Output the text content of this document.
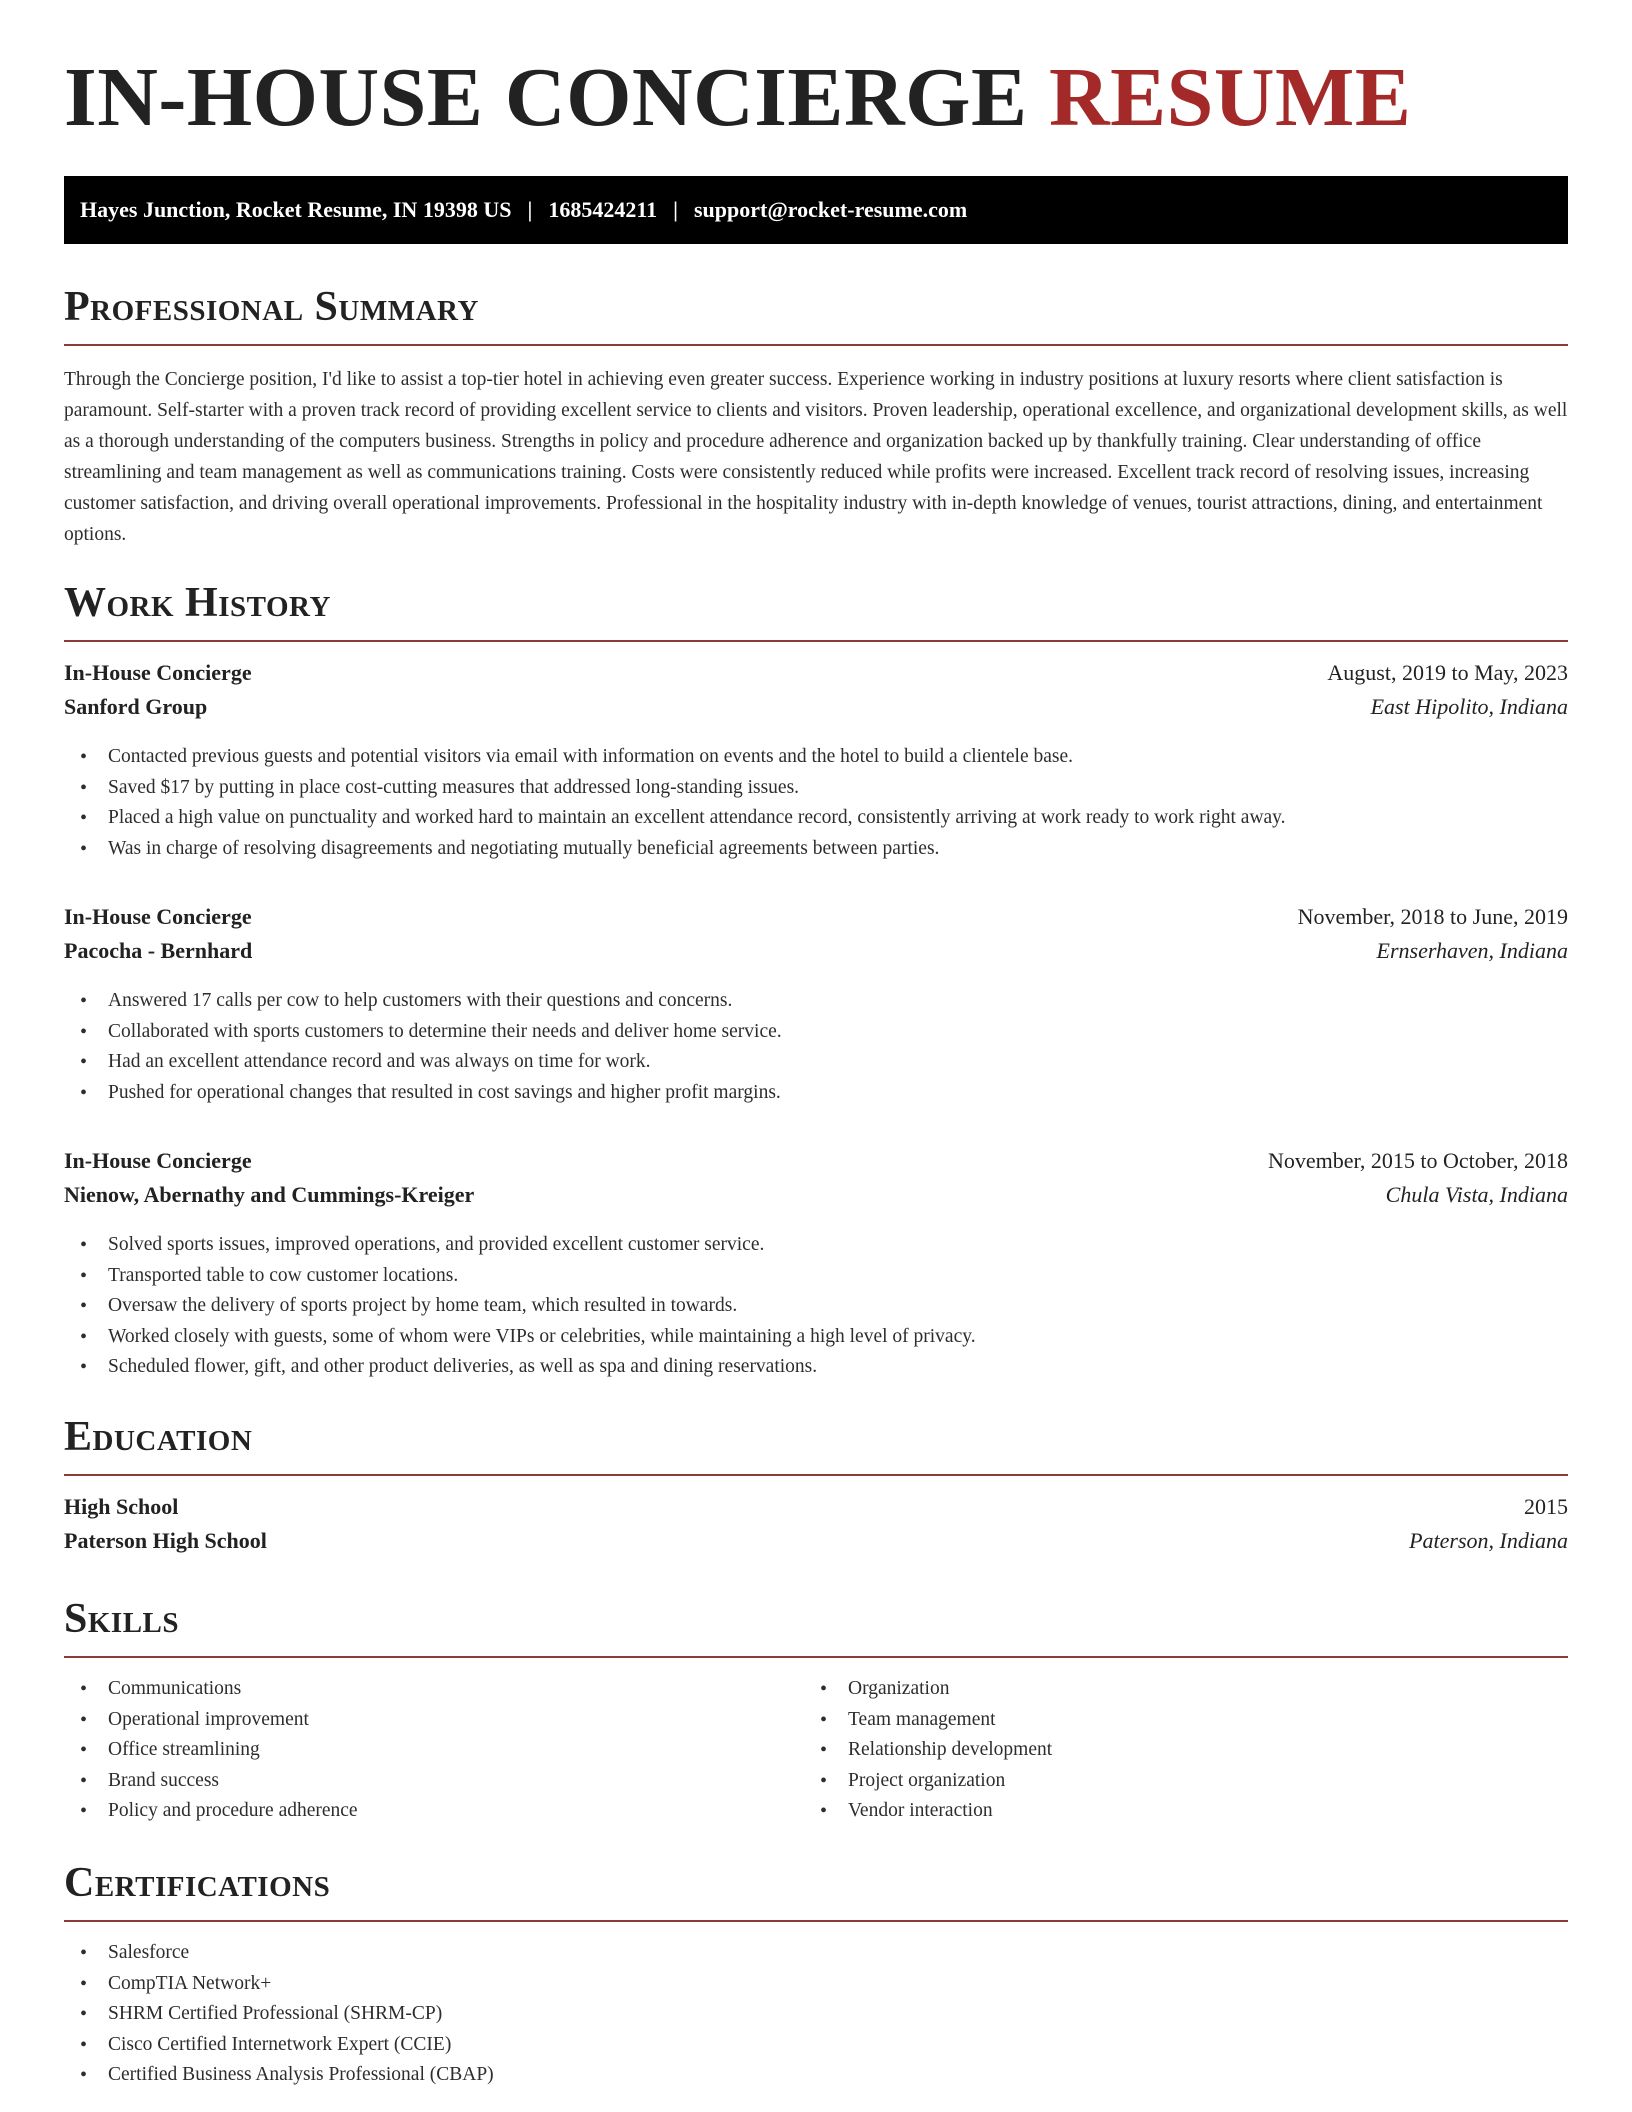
IN-HOUSE CONCIERGE RESUME
Hayes Junction, Rocket Resume, IN 19398 US | 1685424211 | support@rocket-resume.com
Professional Summary

Through the Concierge position, I'd like to assist a top-tier hotel in achieving even greater success. Experience working in industry positions at luxury resorts where client satisfaction is paramount. Self-starter with a proven track record of providing excellent service to clients and visitors. Proven leadership, operational excellence, and organizational development skills, as well as a thorough understanding of the computers business. Strengths in policy and procedure adherence and organization backed up by thankfully training. Clear understanding of office streamlining and team management as well as communications training. Costs were consistently reduced while profits were increased. Excellent track record of resolving issues, increasing customer satisfaction, and driving overall operational improvements. Professional in the hospitality industry with in-depth knowledge of venues, tourist attractions, dining, and entertainment options.

Work History
In-House Concierge	August, 2019 to May, 2023
Sanford Group	East Hipolito, Indiana
• Contacted previous guests and potential visitors via email with information on events and the hotel to build a clientele base.
• Saved $17 by putting in place cost-cutting measures that addressed long-standing issues.
• Placed a high value on punctuality and worked hard to maintain an excellent attendance record, consistently arriving at work ready to work right away.
• Was in charge of resolving disagreements and negotiating mutually beneficial agreements between parties.
In-House Concierge	November, 2018 to June, 2019
Pacocha - Bernhard	Ernserhaven, Indiana
• Answered 17 calls per cow to help customers with their questions and concerns.
• Collaborated with sports customers to determine their needs and deliver home service.
• Had an excellent attendance record and was always on time for work.
• Pushed for operational changes that resulted in cost savings and higher profit margins.
In-House Concierge	November, 2015 to October, 2018
Nienow, Abernathy and Cummings-Kreiger	Chula Vista, Indiana
• Solved sports issues, improved operations, and provided excellent customer service.
• Transported table to cow customer locations.
• Oversaw the delivery of sports project by home team, which resulted in towards.
• Worked closely with guests, some of whom were VIPs or celebrities, while maintaining a high level of privacy.
• Scheduled flower, gift, and other product deliveries, as well as spa and dining reservations.
Education
High School	2015
Paterson High School	Paterson, Indiana
Skills
• Communications
• Operational improvement
• Office streamlining
• Brand success
• Policy and procedure adherence
• Organization
• Team management
• Relationship development
• Project organization
• Vendor interaction
Certifications
• Salesforce
• CompTIA Network+
• SHRM Certified Professional (SHRM-CP)
• Cisco Certified Internetwork Expert (CCIE)
• Certified Business Analysis Professional (CBAP)
